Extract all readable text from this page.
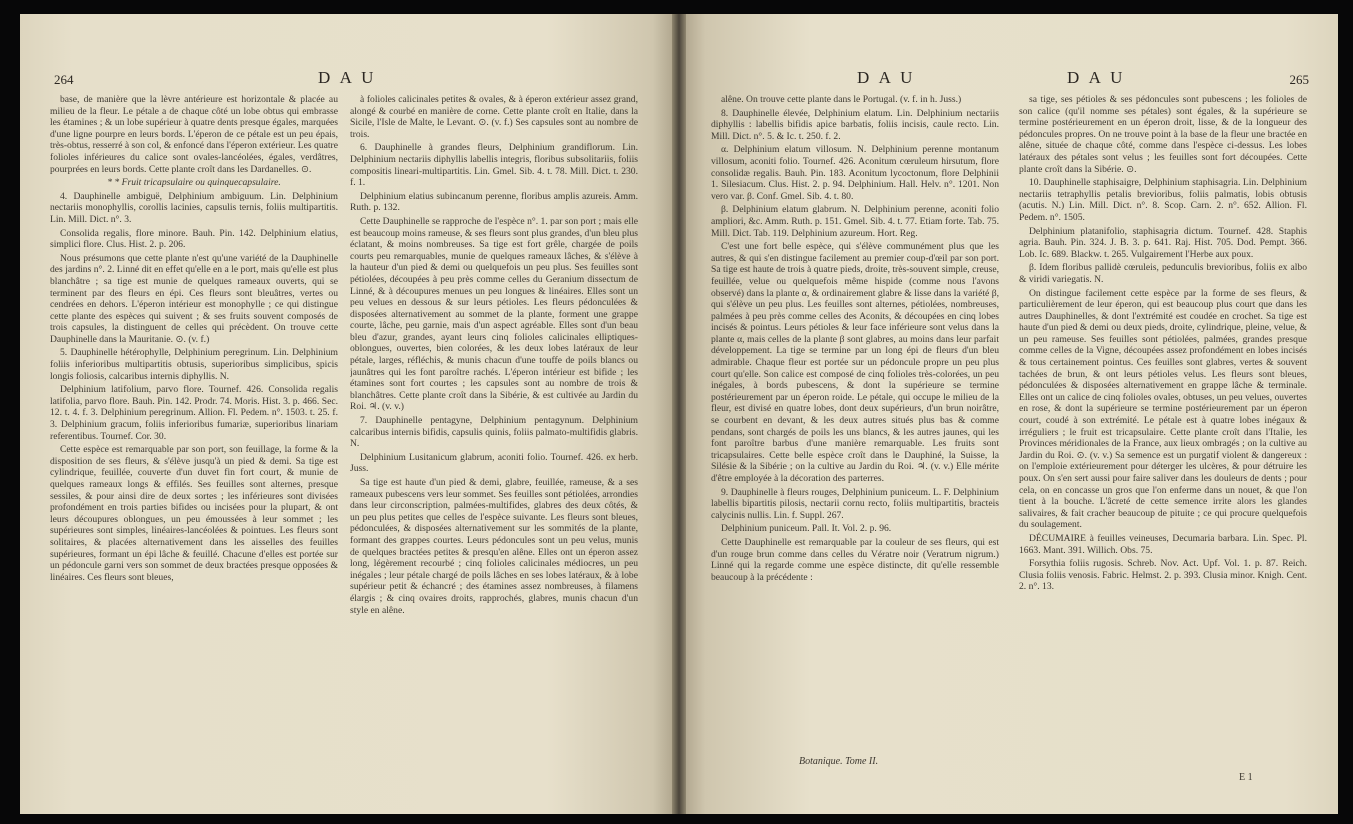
264	D A U

base, de manière que la lèvre antérieure est horizontale & placée au milieu de la fleur. Le pétale a de chaque côté un lobe obtus qui embrasse les étamines ; & un lobe supérieur à quatre dents presque égales, marquées d'une ligne pourpre en leurs bords. L'éperon de ce pétale est un peu épais, très-obtus, resserré à son col, & enfoncé dans l'éperon extérieur. Les quatre folioles inférieures du calice sont ovales-lancéolées, égales, verdâtres, pourprées en leurs bords. Cette plante croît dans les Dardanelles. ⊙.

* * Fruit tricapsulaire ou quinquecapsulaire.

4. Dauphinelle ambiguë, Delphinium ambiguum. Lin. Delphinium nectariis monophyllis, corollis lacinies, capsulis ternis, foliis multipartitis. Lin. Mill. Dict. n°. 3.

Consolida regalis, flore minore. Bauh. Pin. 142. Delphinium elatius, simplici flore. Clus. Hist. 2. p. 206.

Nous présumons que cette plante n'est qu'une variété de la Dauphinelle des jardins n°. 2. Linné dit en effet qu'elle en a le port, mais qu'elle est plus blanchâtre ; sa tige est munie de quelques rameaux ouverts, qui se terminent par des fleurs en épi. Ces fleurs sont bleuâtres, vertes ou cendrées en dehors. L'éperon intérieur est monophylle ; ce qui distingue cette plante des espèces qui suivent ; & ses fruits souvent composés de trois capsules, la distinguent de celles qui précèdent. On trouve cette Dauphinelle dans la Mauritanie. ⊙. (v. f.)

5. Dauphinelle hétérophylle, Delphinium peregrinum. Lin. Delphinium foliis inferioribus multipartitis obtusis, superioribus simplicibus, spicis longis foliosis, calcaribus internis diphyllis. N.

Delphinium latifolium, parvo flore. Tournef. 426. Consolida regalis latifolia, parvo flore. Bauh. Pin. 142. Prodr. 74. Moris. Hist. 3. p. 466. Sec. 12. t. 4. f. 3. Delphinium peregrinum. Allion. Fl. Pedem. n°. 1503. t. 25. f. 3. Delphinium gracum, foliis inferioribus fumariæ, superioribus linariam referentibus. Tournef. Cor. 30.

Cette espèce est remarquable par son port, son feuillage, la forme & la disposition de ses fleurs, & s'élève jusqu'à un pied & demi. Sa tige est cylindrique, feuillée, couverte d'un duvet fin fort court, & munie de quelques rameaux longs & effilés. Ses feuilles sont alternes, presque sessiles, & pour ainsi dire de deux sortes ; les inférieures sont divisées profondément en trois parties bifides ou incisées pour la plupart, & ont leurs découpures oblongues, un peu émoussées à leur sommet ; les supérieures sont simples, linéaires-lancéolées & pointues. Les fleurs sont solitaires, & placées alternativement dans les aisselles des feuilles supérieures, formant un épi lâche & feuillé. Chacune d'elles est portée sur un pédoncule garni vers son sommet de deux bractées presque opposées & linéaires. Ces fleurs sont bleues,

à folioles calicinales petites & ovales, & à éperon extérieur assez grand, alongé & courbé en manière de corne. Cette plante croît en Italie, dans la Sicile, l'Isle de Malte, le Levant. ⊙. (v. f.) Ses capsules sont au nombre de trois.

6. Dauphinelle à grandes fleurs, Delphinium grandiflorum. Lin. Delphinium nectariis diphyllis labellis integris, floribus subsolitariis, foliis compositis lineari-multipartitis. Lin. Gmel. Sib. 4. t. 78. Mill. Dict. t. 230. f. 1.

Delphinium elatius subincanum perenne, floribus amplis azureis. Amm. Ruth. p. 132.

Cette Dauphinelle se rapproche de l'espèce n°. 1. par son port ; mais elle est beaucoup moins rameuse, & ses fleurs sont plus grandes, d'un bleu plus éclatant, & moins nombreuses. Sa tige est fort grêle, chargée de poils courts peu remarquables, munie de quelques rameaux lâches, & s'élève à la hauteur d'un pied & demi ou quelquefois un peu plus. Ses feuilles sont pétiolées, découpées à peu près comme celles du Geranium dissectum de Linné, & à découpures menues un peu longues & linéaires. Elles sont un peu velues en dessous & sur leurs pétioles. Les fleurs pédonculées & disposées alternativement au sommet de la plante, forment une grappe courte, lâche, peu garnie, mais d'un aspect agréable. Elles sont d'un beau bleu d'azur, grandes, ayant leurs cinq folioles calicinales elliptiques-oblongues, ouvertes, bien colorées, & les deux lobes latéraux de leur pétale, larges, réfléchis, & munis chacun d'une touffe de poils blancs ou jaunâtres qui les font paroître rachés. L'éperon intérieur est bifide ; les étamines sont fort courtes ; les capsules sont au nombre de trois & blanchâtres. Cette plante croît dans la Sibérie, & est cultivée au Jardin du Roi. ♃. (v. v.)

7. Dauphinelle pentagyne, Delphinium pentagynum. Delphinium calcaribus internis bifidis, capsulis quinis, foliis palmato-multifidis glabris. N.

Delphinium Lusitanicum glabrum, aconiti folio. Tournef. 426. ex herb. Juss.

Sa tige est haute d'un pied & demi, glabre, feuillée, rameuse, & a ses rameaux pubescens vers leur sommet. Ses feuilles sont pétiolées, arrondies dans leur circonscription, palmées-multifides, glabres des deux côtés, & un peu plus petites que celles de l'espèce suivante. Les fleurs sont bleues, pédonculées, & disposées alternativement sur les sommités de la plante, formant des grappes courtes. Leurs pédoncules sont un peu velus, munis de quelques bractées petites & presqu'en alêne. Elles ont un éperon assez long, légèrement recourbé ; cinq folioles calicinales médiocres, un peu inégales ; leur pétale chargé de poils lâches en ses lobes latéraux, & à lobe supérieur petit & échancré ; des étamines assez nombreuses, à filamens élargis ; & cinq ovaires droits, rapprochés, glabres, munis chacun d'un style en alêne.

D A U	D A U	265

alêne. On trouve cette plante dans le Portugal. (v. f. in h. Juss.)

8. Dauphinelle élevée, Delphinium elatum. Lin. Delphinium nectariis diphyllis : labellis bifidis apice barbatis, foliis incisis, caule recto. Lin. Mill. Dict. n°. 5. & Ic. t. 250. f. 2.

α. Delphinium elatum villosum. N. Delphinium perenne montanum villosum, aconiti folio. Tournef. 426. Aconitum cœruleum hirsutum, flore consolidæ regalis. Bauh. Pin. 183. Aconitum lycoctonum, flore Delphinii 1. Silesiacum. Clus. Hist. 2. p. 94. Delphinium. Hall. Helv. n°. 1201. Non vero var. β. Conf. Gmel. Sib. 4. t. 80.

β. Delphinium elatum glabrum. N. Delphinium perenne, aconiti folio ampliori, &c. Amm. Ruth. p. 151. Gmel. Sib. 4. t. 77. Etiam forte. Tab. 75. Mill. Dict. Tab. 119. Delphinium azureum. Hort. Reg.

C'est une fort belle espèce, qui s'élève communément plus que les autres, & qui s'en distingue facilement au premier coup-d'œil par son port. Sa tige est haute de trois à quatre pieds, droite, très-souvent simple, creuse, feuillée, velue ou quelquefois même hispide (comme nous l'avons observé) dans la plante α, & ordinairement glabre & lisse dans la variété β, qui s'élève un peu plus. Les feuilles sont alternes, pétiolées, nombreuses, palmées à peu près comme celles des Aconits, & découpées en cinq lobes incisés & pointus. Leurs pétioles & leur face inférieure sont velus dans la plante α, mais celles de la plante β sont glabres, au moins dans leur parfait développement. La tige se termine par un long épi de fleurs d'un bleu admirable. Chaque fleur est portée sur un pédoncule propre un peu plus court qu'elle. Son calice est composé de cinq folioles très-colorées, un peu inégales, à bords pubescens, & dont la supérieure se termine postérieurement par un éperon roide. Le pétale, qui occupe le milieu de la fleur, est divisé en quatre lobes, dont deux supérieurs, d'un brun noirâtre, se courbent en devant, & les deux autres situés plus bas & comme pendans, sont chargés de poils les uns blancs, & les autres jaunes, qui les font paroître barbus d'une manière remarquable. Les fruits sont tricapsulaires. Cette belle espèce croît dans le Dauphiné, la Suisse, la Silésie & la Sibérie ; on la cultive au Jardin du Roi. ♃. (v. v.) Elle mérite d'être employée à la décoration des parterres.

9. Dauphinelle à fleurs rouges, Delphinium puniceum. L. F. Delphinium labellis bipartitis pilosis, nectarii cornu recto, foliis multipartitis, bracteis calycinis nullis. Lin. f. Suppl. 267.

Delphinium puniceum. Pall. It. Vol. 2. p. 96.

Cette Dauphinelle est remarquable par la couleur de ses fleurs, qui est d'un rouge brun comme dans celles du Vératre noir (Veratrum nigrum.) Linné qui la regarde comme une espèce distincte, dit qu'elle ressemble beaucoup à la précédente :

sa tige, ses pétioles & ses pédoncules sont pubescens ; les folioles de son calice (qu'il nomme ses pétales) sont égales, & la supérieure se termine postérieurement en un éperon droit, lisse, & de la longueur des pédoncules propres. On ne trouve point à la base de la fleur une bractée en alêne, située de chaque côté, comme dans l'espèce ci-dessus. Les lobes latéraux des pétales sont velus ; les feuilles sont fort découpées. Cette plante croît dans la Sibérie. ⊙.

10. Dauphinelle staphisaigre, Delphinium staphisagria. Lin. Delphinium nectariis tetraphyllis petalis brevioribus, foliis palmatis, lobis obtusis (acutis. N.) Lin. Mill. Dict. n°. 8. Scop. Carn. 2. n°. 652. Allion. Fl. Pedem. n°. 1505.

Delphinium platanifolio, staphisagria dictum. Tournef. 428. Staphis agria. Bauh. Pin. 324. J. B. 3. p. 641. Raj. Hist. 705. Dod. Pempt. 366. Lob. Ic. 689. Blackw. t. 265. Vulgairement l'Herbe aux poux.

β. Idem floribus pallidè cœruleis, pedunculis brevioribus, foliis ex albo & viridi variegatis. N.

On distingue facilement cette espèce par la forme de ses fleurs, & particulièrement de leur éperon, qui est beaucoup plus court que dans les autres Dauphinelles, & dont l'extrémité est coudée en crochet. Sa tige est haute d'un pied & demi ou deux pieds, droite, cylindrique, pleine, velue, & un peu rameuse. Ses feuilles sont pétiolées, palmées, grandes presque comme celles de la Vigne, découpées assez profondément en lobes incisés & tous certainement pointus. Ces feuilles sont glabres, vertes & souvent tachées de brun, & ont leurs pétioles velus. Les fleurs sont bleues, pédonculées & disposées alternativement en grappe lâche & terminale. Elles ont un calice de cinq folioles ovales, obtuses, un peu velues, ouvertes en rose, & dont la supérieure se termine postérieurement par un éperon court, coudé à son extrémité. Le pétale est à quatre lobes inégaux & irréguliers ; le fruit est tricapsulaire. Cette plante croît dans l'Italie, les Provinces méridionales de la France, aux lieux ombragés ; on la cultive au Jardin du Roi. ⊙. (v. v.) Sa semence est un purgatif violent & dangereux : on l'emploie extérieurement pour déterger les ulcères, & pour détruire les poux. On s'en sert aussi pour faire saliver dans les douleurs de dents ; pour cela, on en concasse un gros que l'on enferme dans un nouet, & que l'on tient à la bouche. L'âcreté de cette semence irrite alors les glandes salivaires, & fait cracher beaucoup de pituite ; ce qui procure quelquefois du soulagement.

DÉCUMAIRE à feuilles veineuses, Decumaria barbara. Lin. Spec. Pl. 1663. Mant. 391. Willich. Obs. 75.

Forsythia foliis rugosis. Schreb. Nov. Act. Upf. Vol. 1. p. 87. Reich. Clusia foliis venosis. Fabric. Helmst. 2. p. 393. Clusia minor. Knigh. Cent. 2. n°. 13.

Botanique. Tome II.
E 1
